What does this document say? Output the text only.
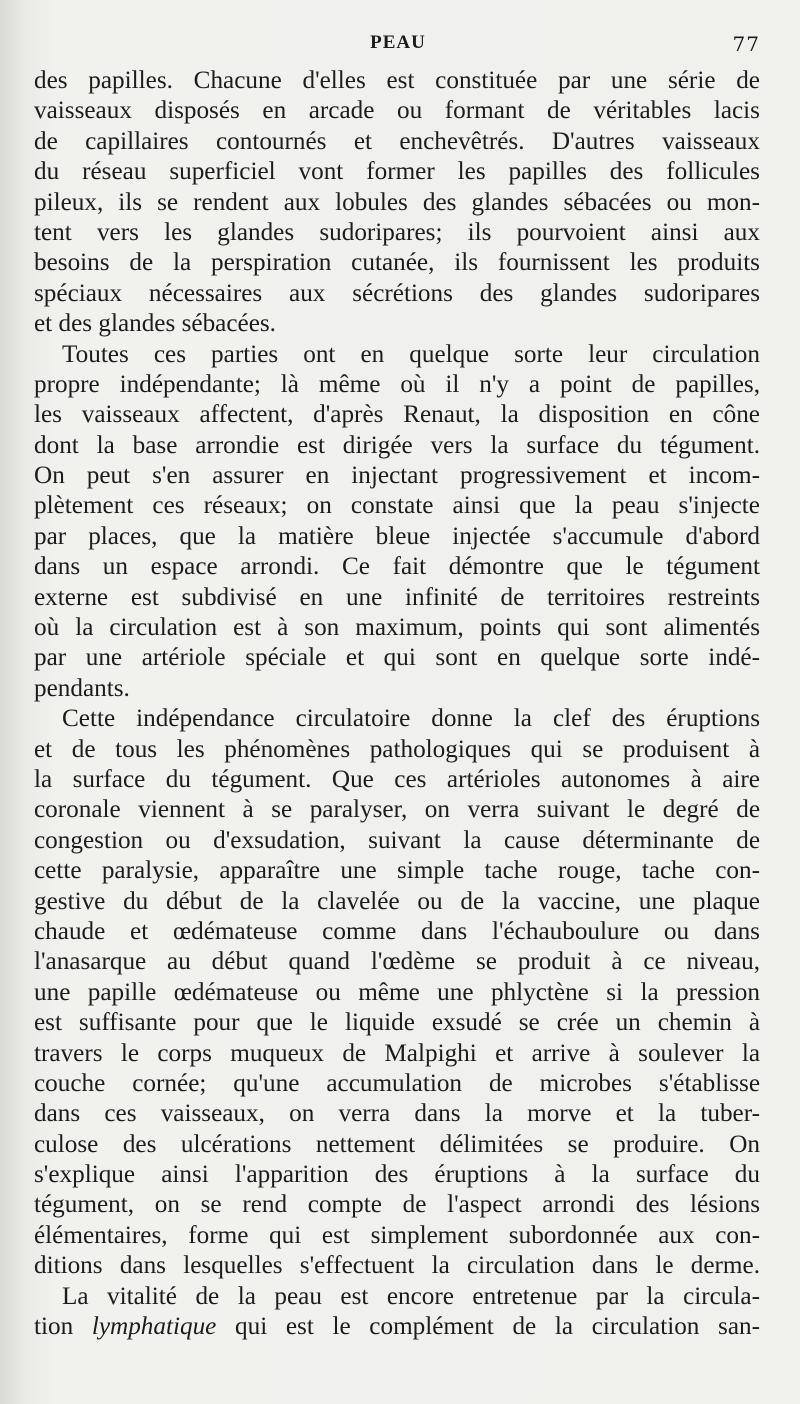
PEAU	77
des papilles. Chacune d'elles est constituée par une série de
vaisseaux disposés en arcade ou formant de véritables lacis
de capillaires contournés et enchevêtrés. D'autres vaisseaux
du réseau superficiel vont former les papilles des follicules
pileux, ils se rendent aux lobules des glandes sébacées ou mon-
tent vers les glandes sudoripares; ils pourvoient ainsi aux
besoins de la perspiration cutanée, ils fournissent les produits
spéciaux nécessaires aux sécrétions des glandes sudoripares
et des glandes sébacées.
Toutes ces parties ont en quelque sorte leur circulation
propre indépendante; là même où il n'y a point de papilles,
les vaisseaux affectent, d'après Renaut, la disposition en cône
dont la base arrondie est dirigée vers la surface du tégument.
On peut s'en assurer en injectant progressivement et incom-
plètement ces réseaux; on constate ainsi que la peau s'injecte
par places, que la matière bleue injectée s'accumule d'abord
dans un espace arrondi. Ce fait démontre que le tégument
externe est subdivisé en une infinité de territoires restreints
où la circulation est à son maximum, points qui sont alimentés
par une artériole spéciale et qui sont en quelque sorte indé-
pendants.
Cette indépendance circulatoire donne la clef des éruptions
et de tous les phénomènes pathologiques qui se produisent à
la surface du tégument. Que ces artérioles autonomes à aire
coronale viennent à se paralyser, on verra suivant le degré de
congestion ou d'exsudation, suivant la cause déterminante de
cette paralysie, apparaître une simple tache rouge, tache con-
gestive du début de la clavelée ou de la vaccine, une plaque
chaude et œdémateuse comme dans l'échauboulure ou dans
l'anasarque au début quand l'œdème se produit à ce niveau,
une papille œdémateuse ou même une phlyctène si la pression
est suffisante pour que le liquide exsudé se crée un chemin à
travers le corps muqueux de Malpighi et arrive à soulever la
couche cornée; qu'une accumulation de microbes s'établisse
dans ces vaisseaux, on verra dans la morve et la tuber-
culose des ulcérations nettement délimitées se produire. On
s'explique ainsi l'apparition des éruptions à la surface du
tégument, on se rend compte de l'aspect arrondi des lésions
élémentaires, forme qui est simplement subordonnée aux con-
ditions dans lesquelles s'effectuent la circulation dans le derme.
La vitalité de la peau est encore entretenue par la circula-
tion lymphatique qui est le complément de la circulation san-
